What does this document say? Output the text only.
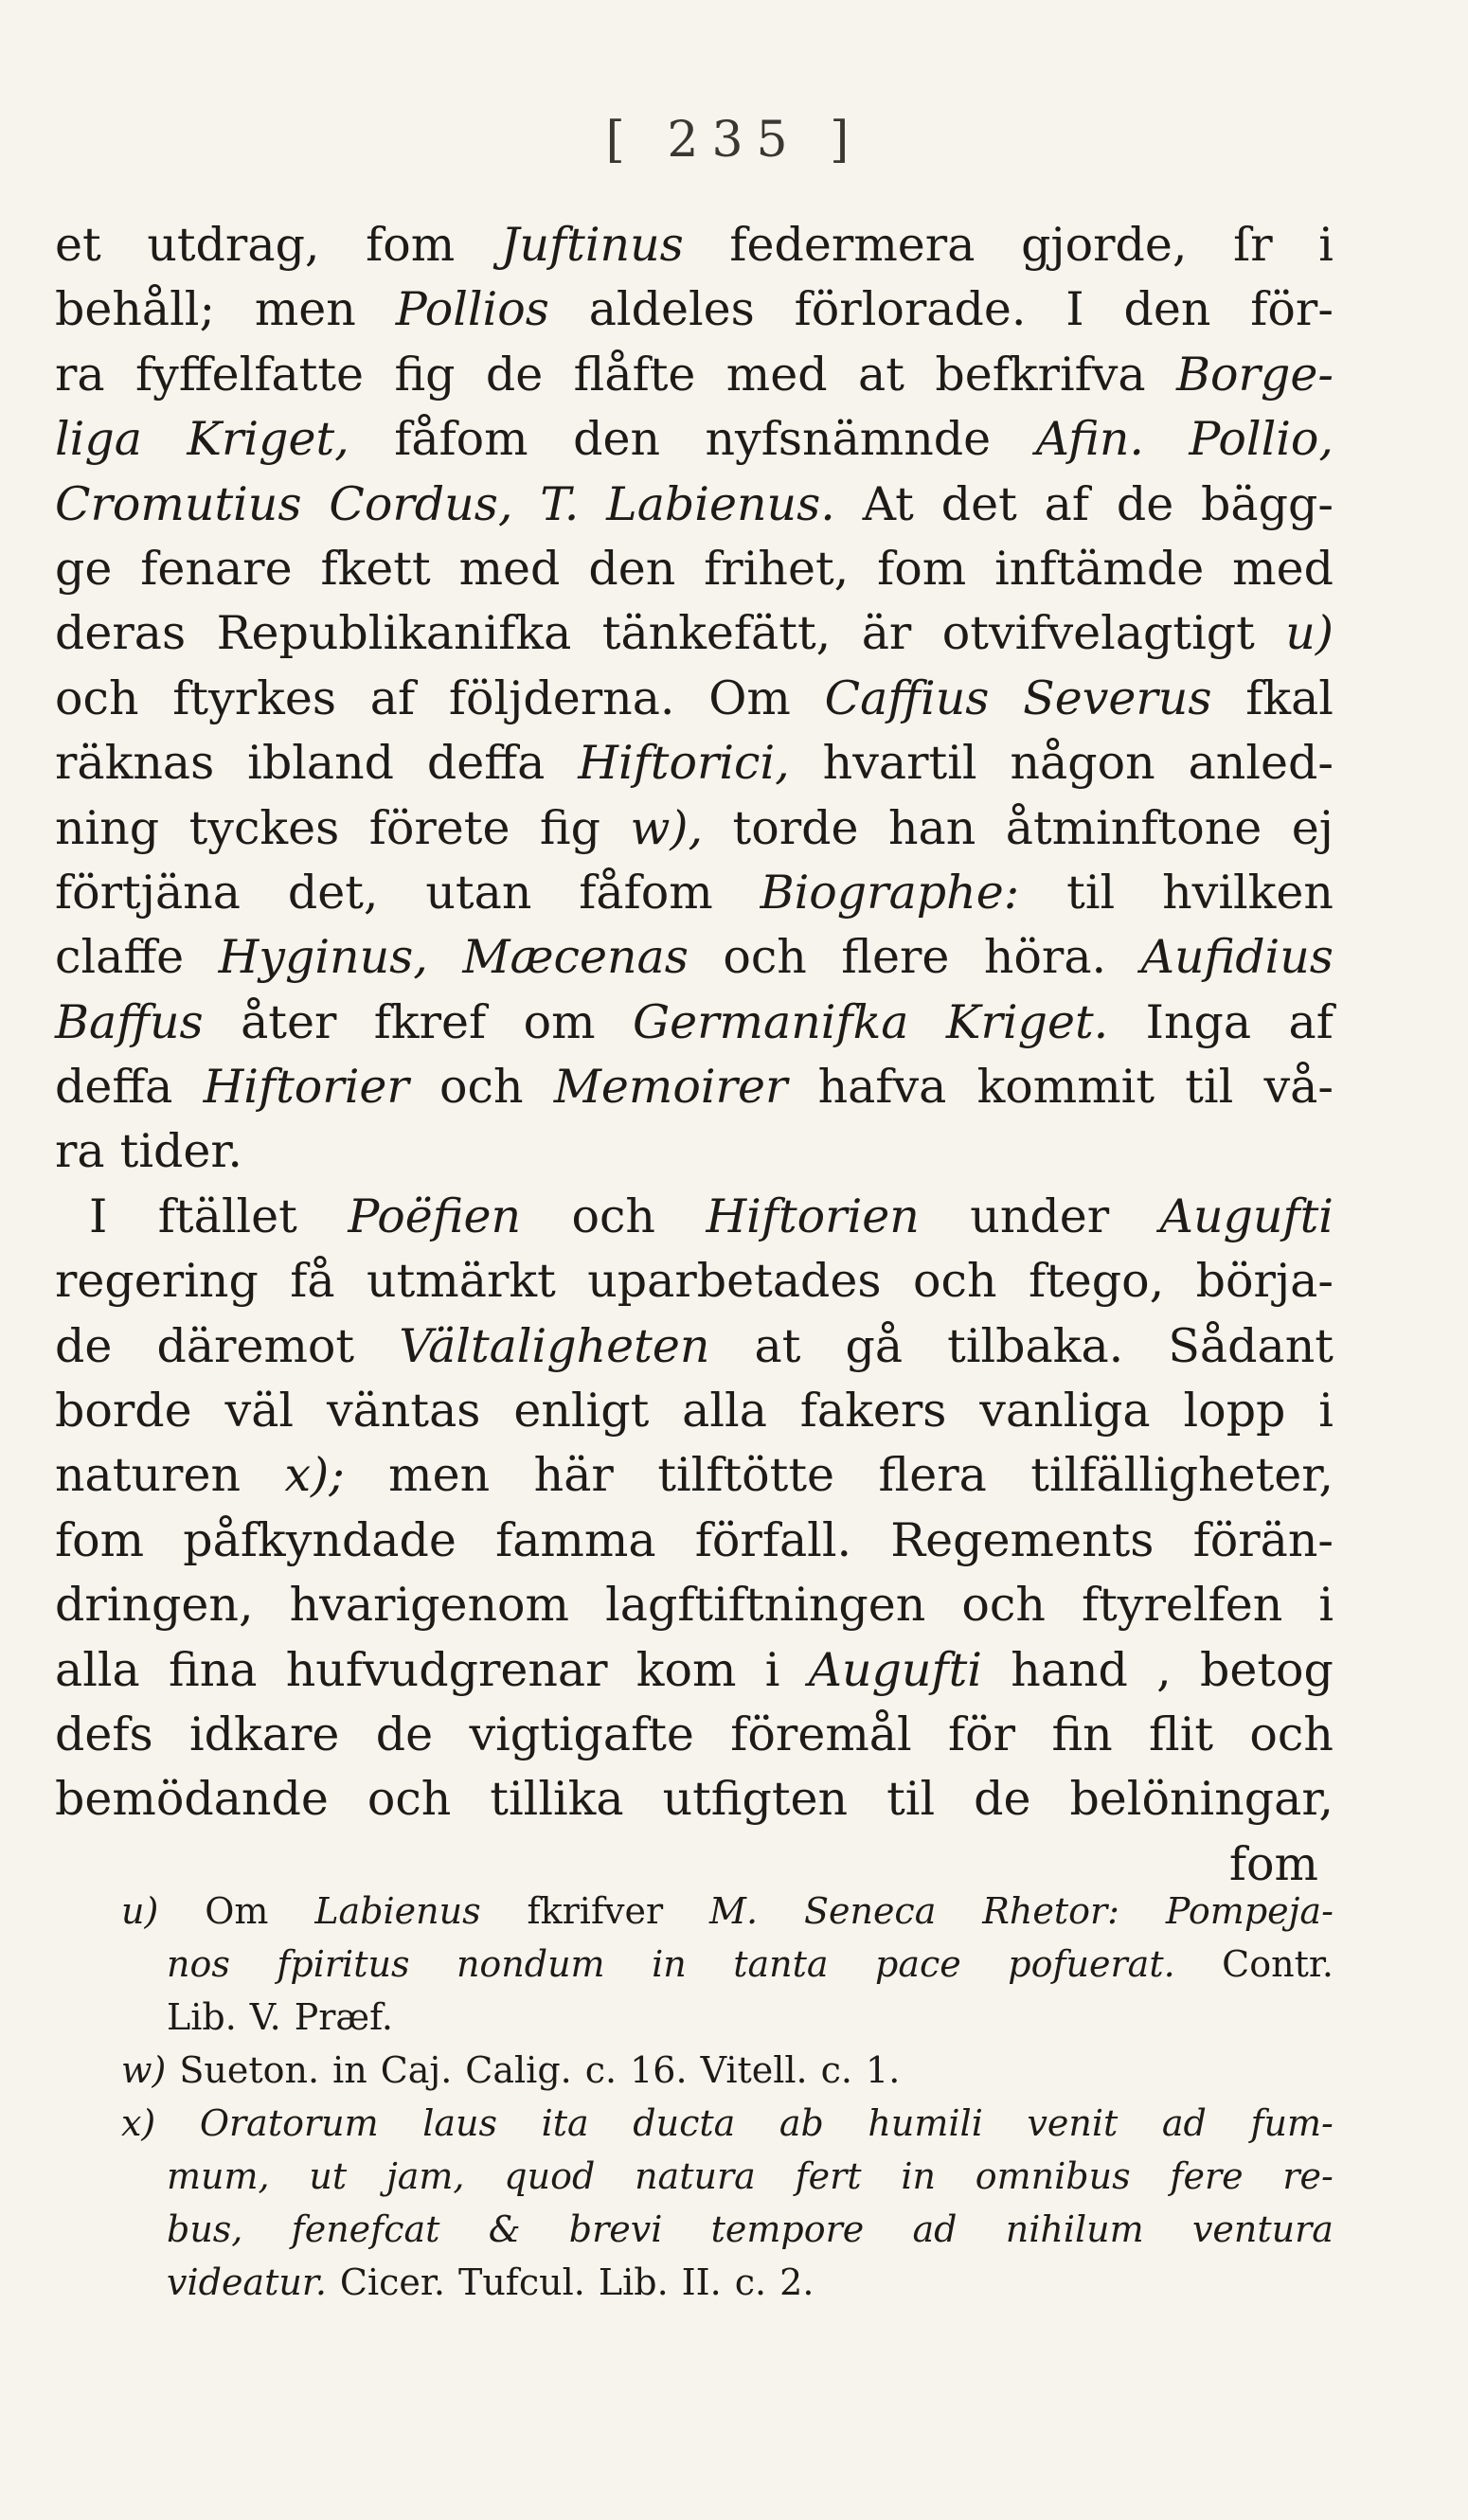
[ 235 ]
et utdrag, fom Juftinus federmera gjorde, ſr i
behåll; men Pollios aldeles förlorade. I den för-
ra fyffelfatte fig de flåfte med at befkrifva Borge-
liga Kriget, fåfom den nyfsnämnde Afin. Pollio,
Cromutius Cordus, T. Labienus. At det af de bägg-
ge fenare fkett med den frihet, fom inftämde med
deras Republikanifka tänkefätt, är otvifvelagtigt u)
och ftyrkes af följderna. Om Caffius Severus fkal
räknas ibland deffa Hiftorici, hvartil någon anled-
ning tyckes förete fig w), torde han åtminftone ej
förtjäna det, utan fåfom Biographe: til hvilken
claffe Hyginus, Mæcenas och flere höra. Aufidius
Baffus åter fkref om Germanifka Kriget. Inga af
deffa Hiftorier och Memoirer hafva kommit til vå-
ra tider.
I ftället Poëfien och Hiftorien under Augufti
regering få utmärkt uparbetades och ftego, börja-
de däremot Vältaligheten at gå tilbaka. Sådant
borde väl väntas enligt alla fakers vanliga lopp i
naturen x); men här tilftötte flera tilfälligheter,
fom påfkyndade famma förfall. Regements förän-
dringen, hvarigenom lagftiftningen och ftyrelfen i
alla fina hufvudgrenar kom i Augufti hand , betog
defs idkare de vigtigafte föremål för fin flit och
bemödande och tillika utfigten til de belöningar,
fom
u) Om Labienus fkrifver M. Seneca Rhetor: Pompeja-
nos fpiritus nondum in tanta pace pofuerat. Contr.
Lib. V. Præf.
w) Sueton. in Caj. Calig. c. 16. Vitell. c. 1.
x) Oratorum laus ita ducta ab humili venit ad fum-
mum, ut jam, quod natura fert in omnibus fere re-
bus, fenefcat & brevi tempore ad nihilum ventura
videatur. Cicer. Tufcul. Lib. II. c. 2.
